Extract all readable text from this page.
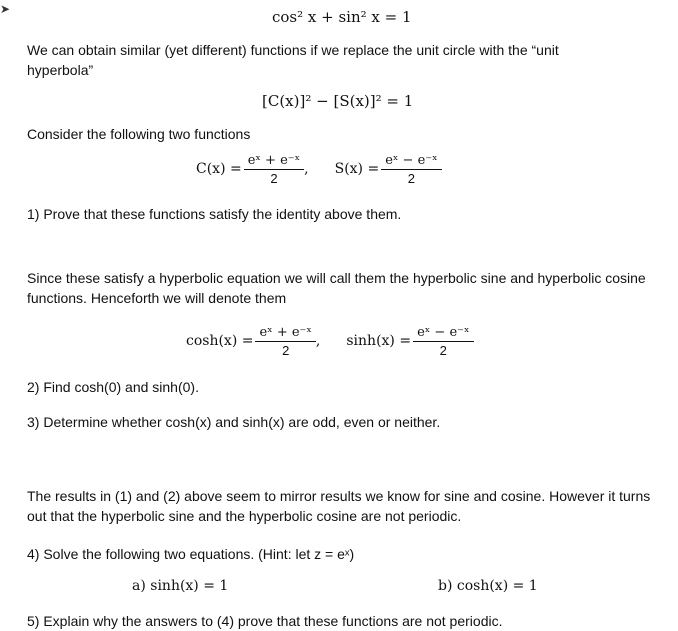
➤	cos² x + sin² x = 1
We can obtain similar (yet different) functions if we replace the unit circle with the “unit hyperbola”
[C(x)]² − [S(x)]² = 1
Consider the following two functions
$C(x) = \frac{\text{eˣ + e⁻ˣ}}{2}$ , $S(x) = \frac{\text{eˣ − e⁻ˣ}}{2}$
1) Prove that these functions satisfy the identity above them.
Since these satisfy a hyperbolic equation we will call them the hyperbolic sine and hyperbolic cosine functions. Henceforth we will denote them
$\cosh(x) = \frac{\text{eˣ + e⁻ˣ}}{2}$ , $\sinh(x) = \frac{\text{eˣ − e⁻ˣ}}{2}$
2) Find cosh(0) and sinh(0).
3) Determine whether cosh(x) and sinh(x) are odd, even or neither.
The results in (1) and (2) above seem to mirror results we know for sine and cosine. However it turns out that the hyperbolic sine and the hyperbolic cosine are not periodic.
4) Solve the following two equations. (Hint: let z = eˣ)
a) sinh(x) = 1	b) cosh(x) = 1
5) Explain why the answers to (4) prove that these functions are not periodic.
